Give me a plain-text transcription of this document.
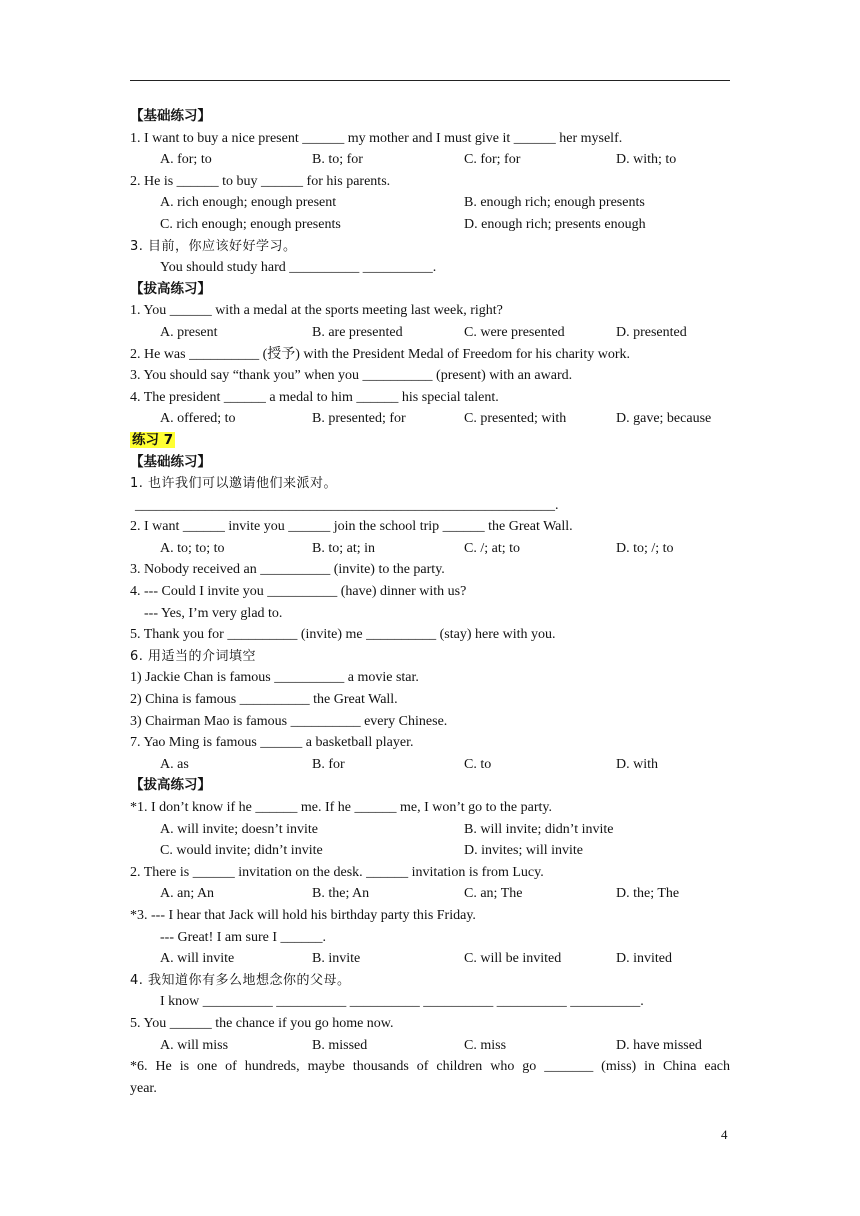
【基础练习】
1. I want to buy a nice present ______ my mother and I must give it ______ her myself.
A. for; to	B. to; for	C. for; for	D. with; to
2. He is ______ to buy ______ for his parents.
A. rich enough; enough present	B. enough rich; enough presents
C. rich enough; enough presents	D. enough rich; presents enough
3. 目前，你应该好好学习。
You should study hard __________ __________.
【拔高练习】
1. You ______ with a medal at the sports meeting last week, right?
A. present	B. are presented	C. were presented	D. presented
2. He was __________ (授予) with the President Medal of Freedom for his charity work.
3. You should say “thank you” when you __________ (present) with an award.
4. The president ______ a medal to him ______ his special talent.
A. offered; to	B. presented; for	C. presented; with	D. gave; because
练习 7
【基础练习】
1. 也许我们可以邀请他们来派对。
____________________________________________________________.
2. I want ______ invite you ______ join the school trip ______ the Great Wall.
A. to; to; to	B. to; at; in	C. /; at; to	D. to; /; to
3. Nobody received an __________ (invite) to the party.
4. --- Could I invite you __________ (have) dinner with us?
--- Yes, I’m very glad to.
5. Thank you for __________ (invite) me __________ (stay) here with you.
6. 用适当的介词填空
1) Jackie Chan is famous __________ a movie star.
2) China is famous __________ the Great Wall.
3) Chairman Mao is famous __________ every Chinese.
7. Yao Ming is famous ______ a basketball player.
A. as	B. for	C. to	D. with
【拔高练习】
*1. I don’t know if he ______ me. If he ______ me, I won’t go to the party.
A. will invite; doesn’t invite	B. will invite; didn’t invite
C. would invite; didn’t invite	D. invites; will invite
2. There is ______ invitation on the desk. ______ invitation is from Lucy.
A. an; An	B. the; An	C. an; The	D. the; The
*3. --- I hear that Jack will hold his birthday party this Friday.
--- Great! I am sure I ______.
A. will invite	B. invite	C. will be invited	D. invited
4. 我知道你有多么地想念你的父母。
I know __________ __________ __________ __________ __________ __________.
5. You ______ the chance if you go home now.
A. will miss	B. missed	C. miss	D. have missed
*6. He is one of hundreds, maybe thousands of children who go _______ (miss) in China each
year.
4
